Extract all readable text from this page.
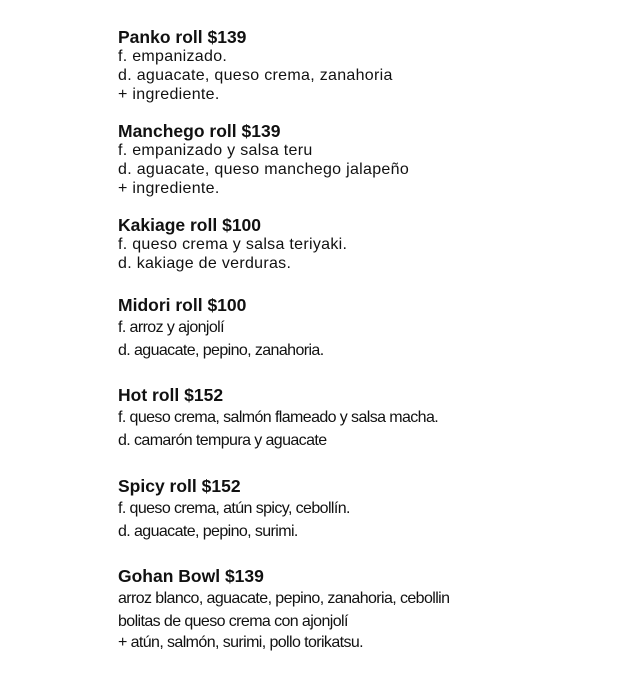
Panko roll $139
f. empanizado.
d. aguacate, queso crema, zanahoria
+ ingrediente.
Manchego roll $139
f. empanizado y salsa teru
d. aguacate, queso manchego jalapeño
+ ingrediente.
Kakiage roll $100
f. queso crema y salsa teriyaki.
d. kakiage de verduras.
Midori roll $100
f. arroz y ajonjolí
d. aguacate, pepino, zanahoria.
Hot roll $152
f. queso crema, salmón flameado y salsa macha.
d. camarón tempura y aguacate
Spicy roll $152
f. queso crema, atún spicy, cebollín.
d. aguacate, pepino, surimi.
Gohan Bowl $139
arroz blanco, aguacate, pepino, zanahoria, cebollin
bolitas de queso crema con ajonjolí
+ atún, salmón, surimi, pollo torikatsu.
